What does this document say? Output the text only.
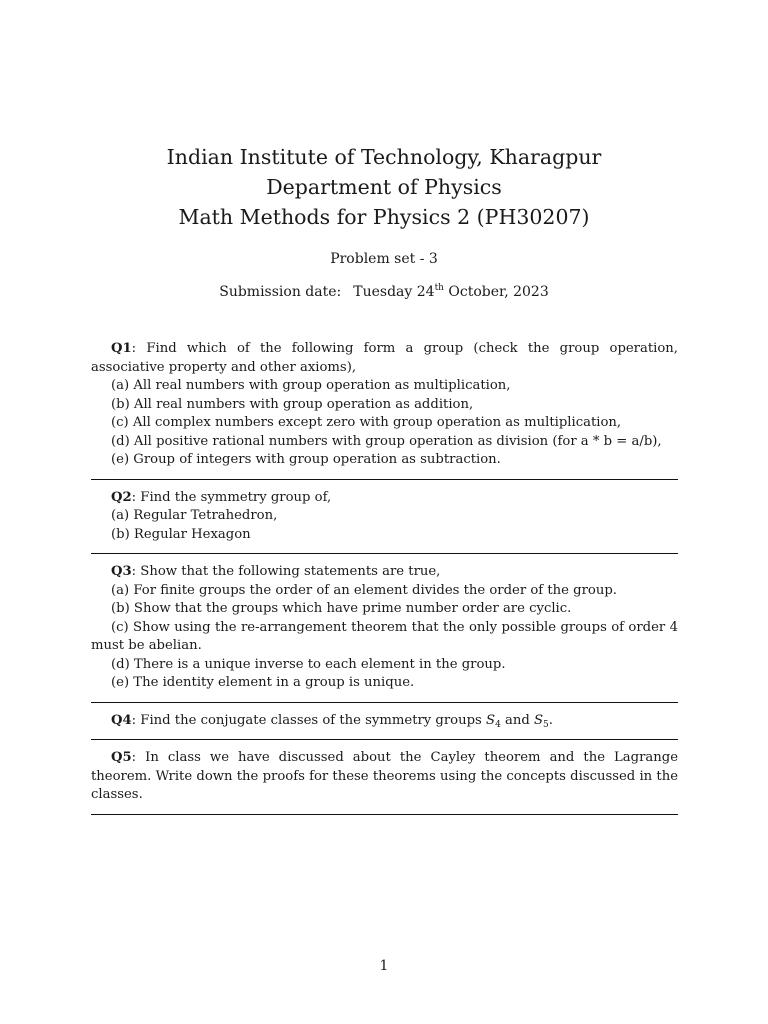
Indian Institute of Technology, Kharagpur
Department of Physics
Math Methods for Physics 2 (PH30207)
Problem set - 3
Submission date: Tuesday 24th October, 2023

Q1: Find which of the following form a group (check the group operation, associative property and other axioms),

(a) All real numbers with group operation as multiplication,

(b) All real numbers with group operation as addition,

(c) All complex numbers except zero with group operation as multiplication,

(d) All positive rational numbers with group operation as division (for a * b = a/b),

(e) Group of integers with group operation as subtraction.

Q2: Find the symmetry group of,

(a) Regular Tetrahedron,

(b) Regular Hexagon

Q3: Show that the following statements are true,

(a) For finite groups the order of an element divides the order of the group.

(b) Show that the groups which have prime number order are cyclic.

(c) Show using the re-arrangement theorem that the only possible groups of order 4 must be abelian.

(d) There is a unique inverse to each element in the group.

(e) The identity element in a group is unique.

Q4: Find the conjugate classes of the symmetry groups $S_4$ and $S_5$.

Q5: In class we have discussed about the Cayley theorem and the Lagrange theorem. Write down the proofs for these theorems using the concepts discussed in the classes.

1
